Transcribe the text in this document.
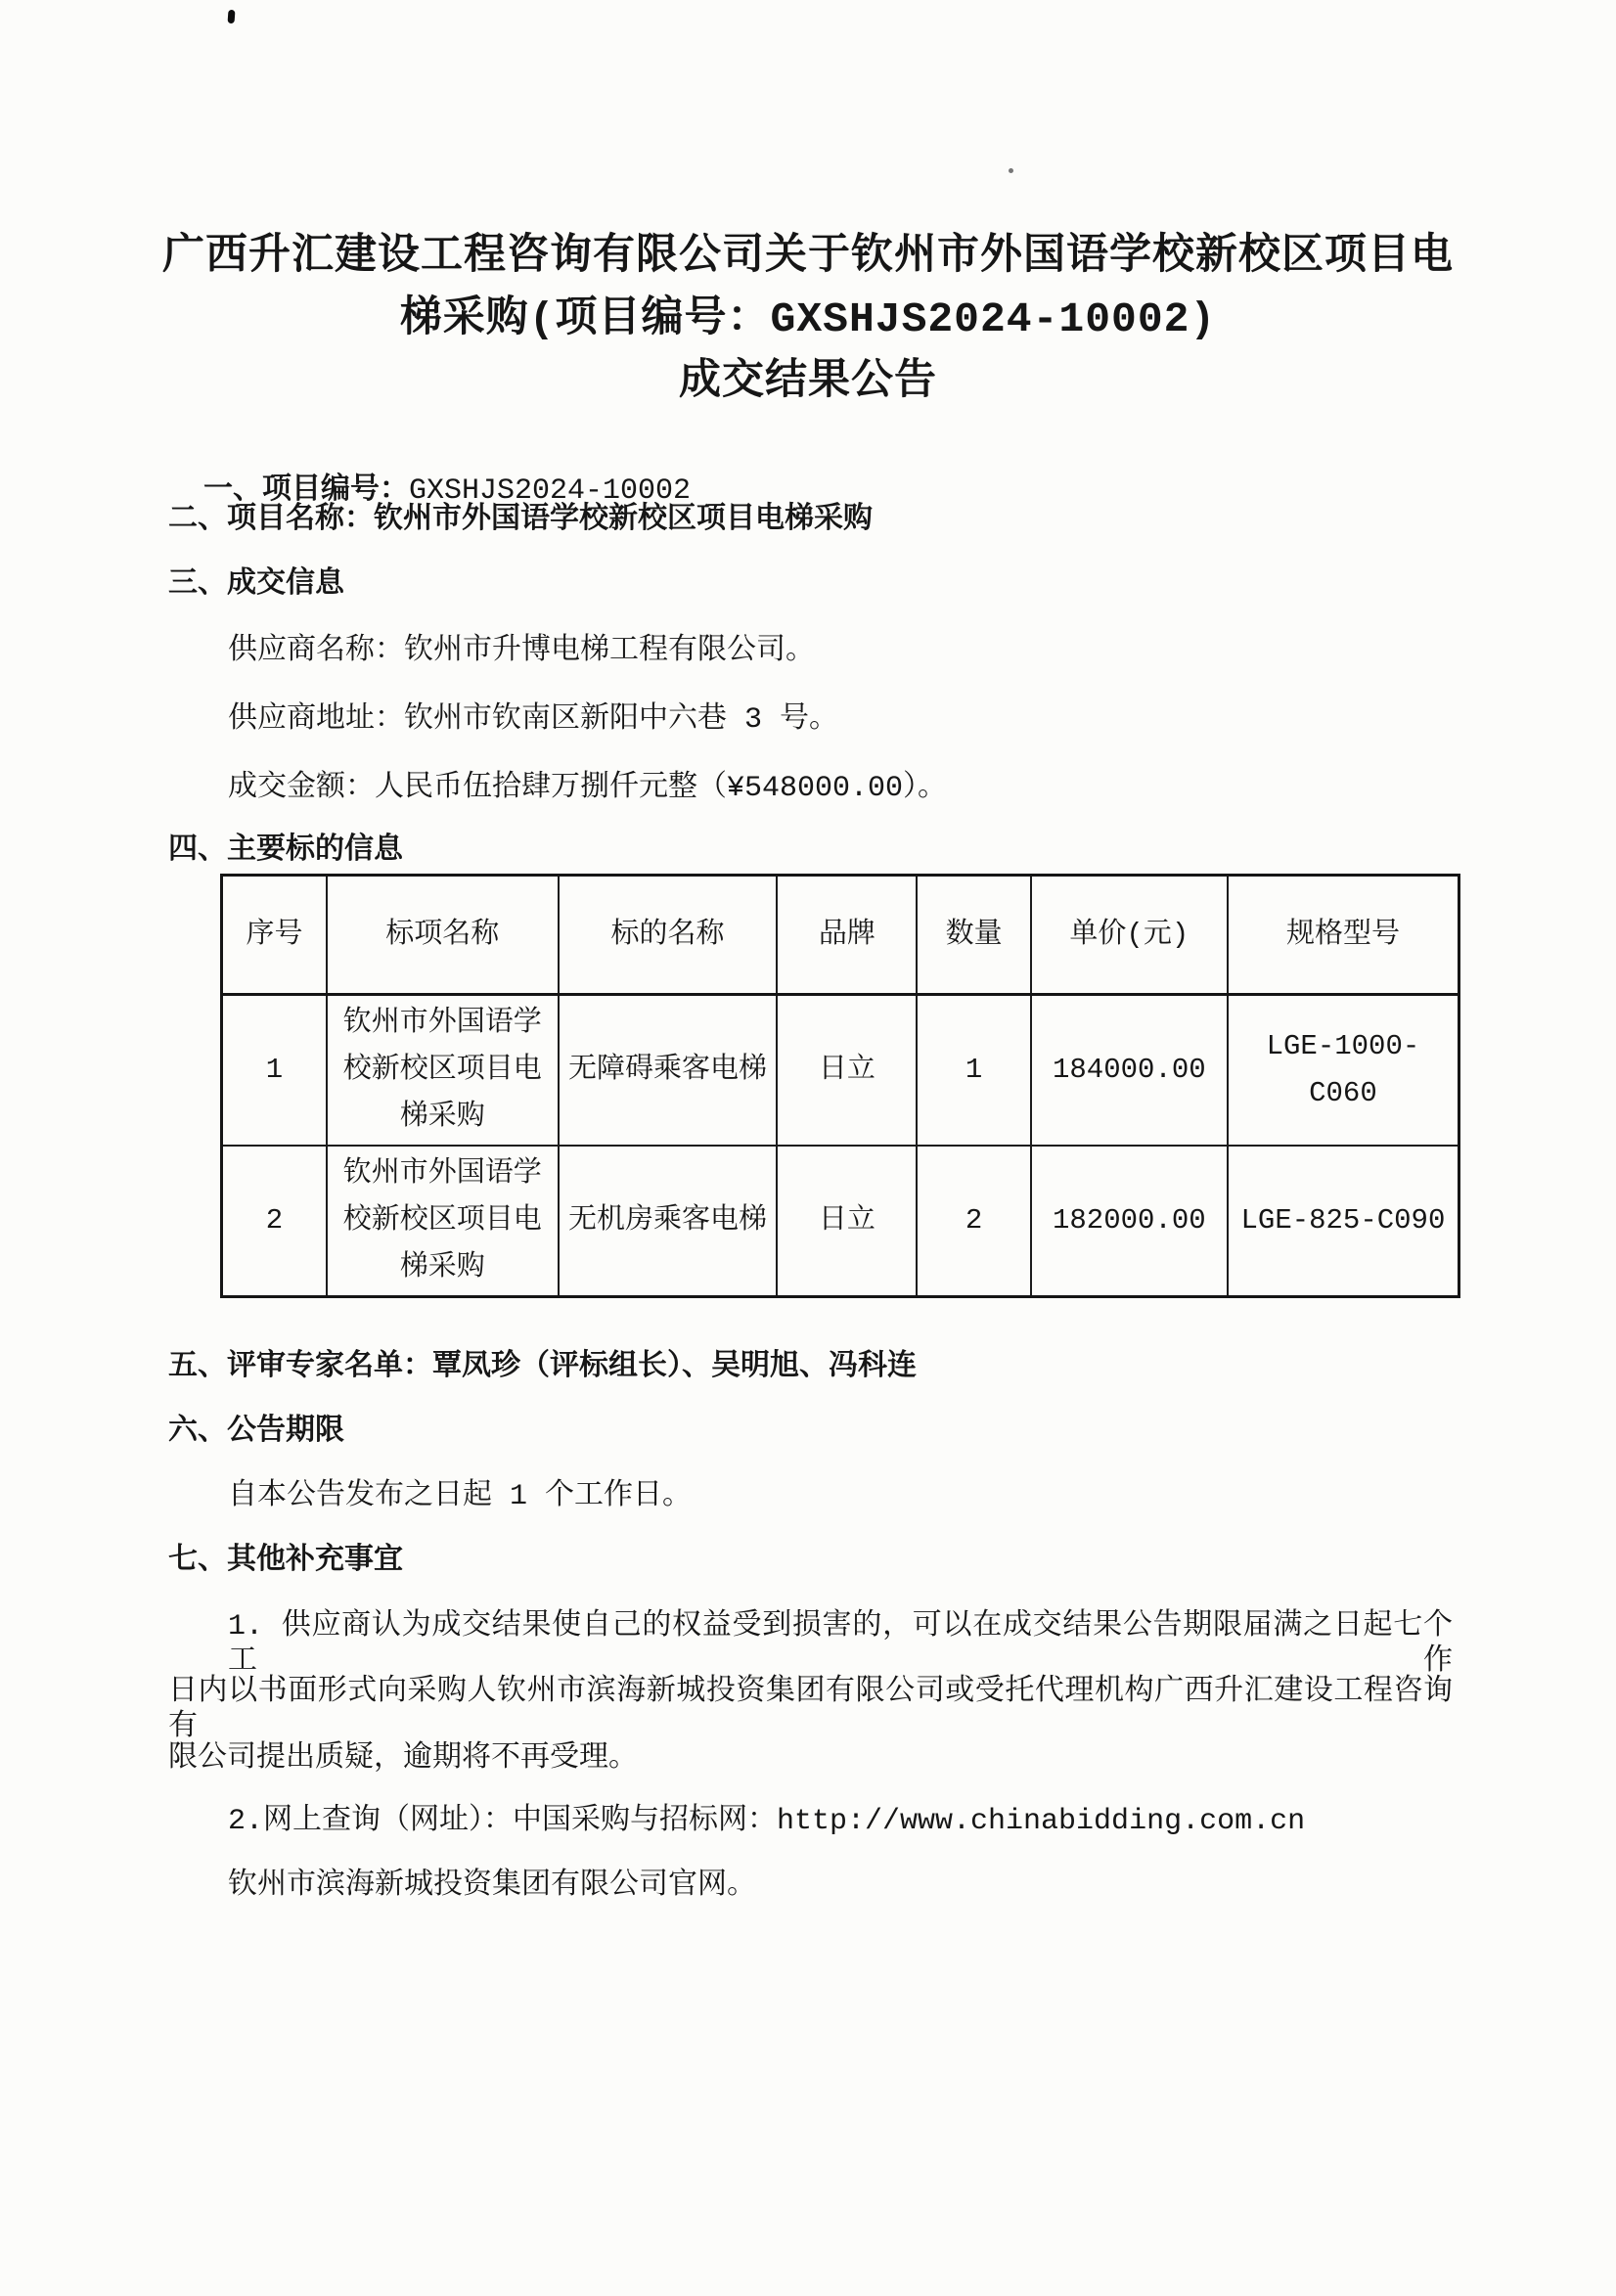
广西升汇建设工程咨询有限公司关于钦州市外国语学校新校区项目电
梯采购(项目编号：GXSHJS2024-10002)
成交结果公告

一、项目编号：GXSHJS2024-10002

二、项目名称：钦州市外国语学校新校区项目电梯采购
三、成交信息
供应商名称：钦州市升博电梯工程有限公司。
供应商地址：钦州市钦南区新阳中六巷 3 号。
成交金额：人民币伍拾肆万捌仟元整（¥548000.00）。
四、主要标的信息
序号	标项名称	标的名称	品牌	数量	单价(元)	规格型号
1	钦州市外国语学校新校区项目电梯采购	无障碍乘客电梯	日立	1	184000.00	LGE-1000-C060
2	钦州市外国语学校新校区项目电梯采购	无机房乘客电梯	日立	2	182000.00	LGE-825-C090
五、评审专家名单：覃凤珍（评标组长）、吴明旭、冯科连
六、公告期限
自本公告发布之日起 1 个工作日。
七、其他补充事宜
1. 供应商认为成交结果使自己的权益受到损害的，可以在成交结果公告期限届满之日起七个工作
日内以书面形式向采购人钦州市滨海新城投资集团有限公司或受托代理机构广西升汇建设工程咨询有
限公司提出质疑，逾期将不再受理。
2.网上查询（网址）：中国采购与招标网：http://www.chinabidding.com.cn
钦州市滨海新城投资集团有限公司官网。
